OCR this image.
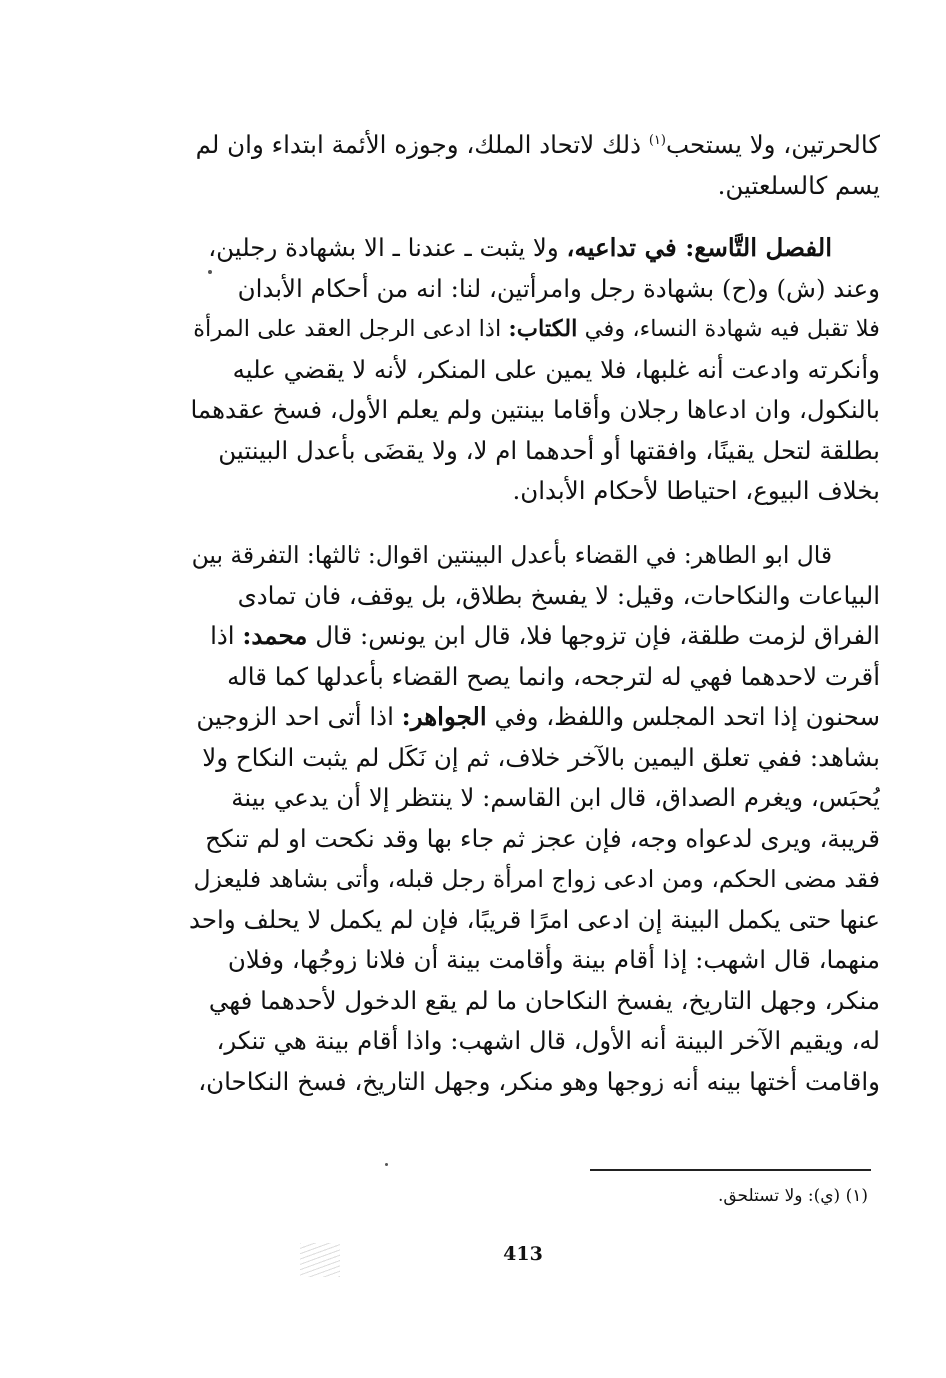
كالحرتين، ولا يستحب$^{(١)}$ ذلك لاتحاد الملك، وجوزه الأئمة ابتداء وان لم
يسم كالسلعتين.
الفصل التَّاسع: في تداعيه، ولا يثبت ـ عندنا ـ الا بشهادة رجلين،
وعند (ش) و(ح) بشهادة رجل وامرأتين، لنا: انه من أحكام الأبدان
فلا تقبل فيه شهادة النساء، وفي الكتاب: اذا ادعى الرجل العقد على المرأة
وأنكرته وادعت أنه غلبها، فلا يمين على المنكر، لأنه لا يقضي عليه
بالنكول، وان ادعاها رجلان وأقاما بينتين ولم يعلم الأول، فسخ عقدهما
بطلقة لتحل يقينًا، وافقتها أو أحدهما ام لا، ولا يقضَى بأعدل البينتين
بخلاف البيوع، احتياطا لأحكام الأبدان.
قال ابو الطاهر: في القضاء بأعدل البينتين اقوال: ثالثها: التفرقة بين
البياعات والنكاحات، وقيل: لا يفسخ بطلاق، بل يوقف، فان تمادى
الفراق لزمت طلقة، فإن تزوجها فلا، قال ابن يونس: قال محمد: اذا
أقرت لاحدهما فهي له لترجحه، وانما يصح القضاء بأعدلها كما قاله
سحنون إذا اتحد المجلس واللفظ، وفي الجواهر: اذا أتى احد الزوجين
بشاهد: ففي تعلق اليمين بالآخر خلاف، ثم إن نَكَل لم يثبت النكاح ولا
يُحبَس، ويغرم الصداق، قال ابن القاسم: لا ينتظر إلا أن يدعي بينة
قريبة، ويرى لدعواه وجه، فإن عجز ثم جاء بها وقد نكحت او لم تنكح
فقد مضى الحكم، ومن ادعى زواج امرأة رجل قبله، وأتى بشاهد فليعزل
عنها حتى يكمل البينة إن ادعى امرًا قريبًا، فإن لم يكمل لا يحلف واحد
منهما، قال اشهب: إذا أقام بينة وأقامت بينة أن فلانا زوجُها، وفلان
منكر، وجهل التاريخ، يفسخ النكاحان ما لم يقع الدخول لأحدهما فهي
له، ويقيم الآخر البينة أنه الأول، قال اشهب: واذا أقام بينة هي تنكر،
واقامت أختها بينه أنه زوجها وهو منكر، وجهل التاريخ، فسخ النكاحان،
(١) (ي): ولا تستلحق.
413
